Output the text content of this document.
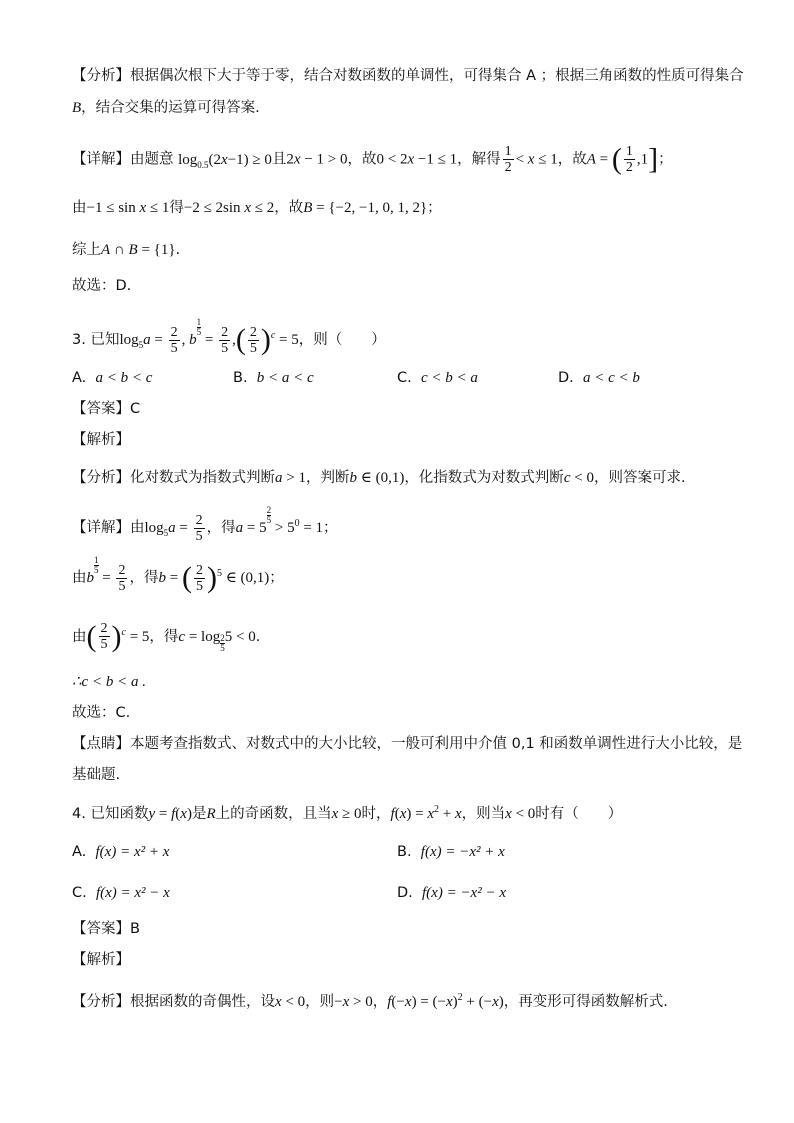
【分析】根据偶次根下大于等于零，结合对数函数的单调性，可得集合 A ；根据三角函数的性质可得集合
B，结合交集的运算可得答案.
【详解】由题意 $\log_{0.5}(2x-1) \ge 0$且2x − 1 > 0，故0 < 2x −1 ≤ 1，解得 $\frac{1}{2} < x \le 1$，故A = ( $\frac{1}{2} ,1$]；
由−1 ≤ sin x ≤ 1得−2 ≤ 2sin x ≤ 2，故B = {−2, −1, 0, 1, 2}；
综上A ∩ B = {1}.
故选：D.
3. 已知$\log_5a = \frac{2}{5}$ , b
$\frac{1}{5}$
= $\frac{2}{5}$ ,( $\frac{2}{5} )^c = 5$，则（　　）
A. a < b < c	B. b < a < c	C. c < b < a	D. a < c < b
【答案】C
【解析】
【分析】化对数式为指数式判断a > 1，判断b ∈ (0,1)，化指数式为对数式判断c < 0，则答案可求.
【详解】由$\log_5a = \frac{2}{5}$ ，得a = 5
$\frac{2}{5}$
> $5^0 = 1$；
由b
$\frac{1}{5}$
= $\frac{2}{5}$ ，得b = ( $\frac{2}{5} )^5$ ∈ (0,1)；
由( $\frac{2}{5} )^c = 5$，得c = log $_{\frac{2}{5}}$ 5 < 0.
∴c < b < a .
故选：C.
【点睛】本题考查指数式、对数式中的大小比较，一般可利用中介值 0,1 和函数单调性进行大小比较，是
基础题.
4. 已知函数y = f(x)是R上的奇函数，且当x ≥ 0时，$f(x) = x^2 + x$，则当x < 0时有（　　）
A. f(x) = x² + x	B. f(x) = −x² + x
C. f(x) = x² − x	D. f(x) = −x² − x
【答案】B
【解析】
【分析】根据函数的奇偶性，设x < 0，则−x > 0，$f(-x) = (-x)^2 + (-x)$，再变形可得函数解析式.
